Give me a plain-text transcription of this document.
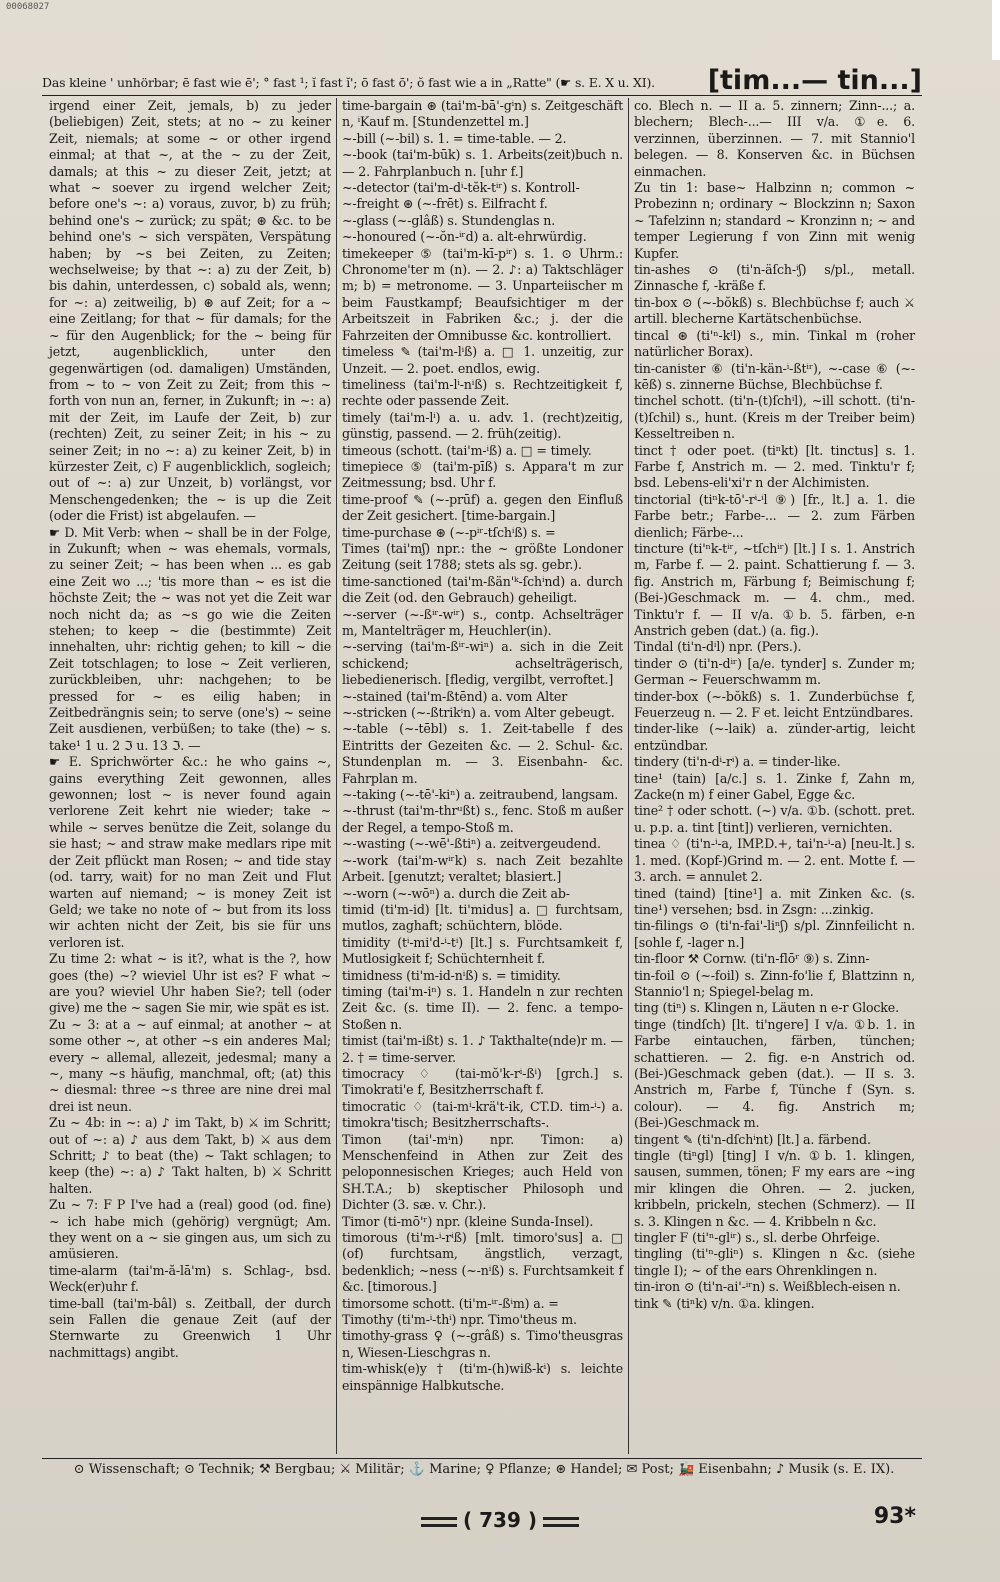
00068027
Das kleine ' unhörbar; ē fast wie ē'; ° fast ¹; ĭ fast ĭ'; ō fast ō'; ŏ fast wie a in „Ratte" (☛ s. E. X u. XI). [tim...— tin...]

irgend einer Zeit, jemals, b) zu jeder (beliebigen) Zeit, stets; at no ~ zu keiner Zeit, niemals; at some ~ or other irgend einmal; at that ~, at the ~ zu der Zeit, damals; at this ~ zu dieser Zeit, jetzt; at what ~ soever zu irgend welcher Zeit; before one's ~: a) voraus, zuvor, b) zu früh; behind one's ~ zurück; zu spät; ⊛ &c. to be behind one's ~ sich verspäten, Verspätung haben; by ~s bei Zeiten, zu Zeiten; wechselweise; by that ~: a) zu der Zeit, b) bis dahin, unterdessen, c) sobald als, wenn; for ~: a) zeitweilig, b) ⊛ auf Zeit; for a ~ eine Zeitlang; for that ~ für damals; for the ~ für den Augenblick; for the ~ being für jetzt, augenblicklich, unter den gegenwärtigen (od. damaligen) Umständen, from ~ to ~ von Zeit zu Zeit; from this ~ forth von nun an, ferner, in Zukunft; in ~: a) mit der Zeit, im Laufe der Zeit, b) zur (rechten) Zeit, zu seiner Zeit; in his ~ zu seiner Zeit; in no ~: a) zu keiner Zeit, b) in kürzester Zeit, c) F augenblicklich, sogleich; out of ~: a) zur Unzeit, b) vorlängst, vor Menschengedenken; the ~ is up die Zeit (oder die Frist) ist abgelaufen. —

☛ D. Mit Verb: when ~ shall be in der Folge, in Zukunft; when ~ was ehemals, vormals, zu seiner Zeit; ~ has been when ... es gab eine Zeit wo ...; 'tis more than ~ es ist die höchste Zeit; the ~ was not yet die Zeit war noch nicht da; as ~s go wie die Zeiten stehen; to keep ~ die (bestimmte) Zeit innehalten, uhr: richtig gehen; to kill ~ die Zeit totschlagen; to lose ~ Zeit verlieren, zurückbleiben, uhr: nachgehen; to be pressed for ~ es eilig haben; in Zeitbedrängnis sein; to serve (one's) ~ seine Zeit ausdienen, verbüßen; to take (the) ~ s. take¹ 1 u. 2 ℑ u. 13 ℑ. —

☛ E. Sprichwörter &c.: he who gains ~, gains everything Zeit gewonnen, alles gewonnen; lost ~ is never found again verlorene Zeit kehrt nie wieder; take ~ while ~ serves benütze die Zeit, solange du sie hast; ~ and straw make medlars ripe mit der Zeit pflückt man Rosen; ~ and tide stay (od. tarry, wait) for no man Zeit und Flut warten auf niemand; ~ is money Zeit ist Geld; we take no note of ~ but from its loss wir achten nicht der Zeit, bis sie für uns verloren ist.

Zu time 2: what ~ is it?, what is the ?, how goes (the) ~? wieviel Uhr ist es? F what ~ are you? wieviel Uhr haben Sie?; tell (oder give) me the ~ sagen Sie mir, wie spät es ist.

Zu ~ 3: at a ~ auf einmal; at another ~ at some other ~, at other ~s ein anderes Mal; every ~ allemal, allezeit, jedesmal; many a ~, many ~s häufig, manchmal, oft; (at) this ~ diesmal: three ~s three are nine drei mal drei ist neun.

Zu ~ 4b: in ~: a) ♪ im Takt, b) ⚔ im Schritt; out of ~: a) ♪ aus dem Takt, b) ⚔ aus dem Schritt; ♪ to beat (the) ~ Takt schlagen; to keep (the) ~: a) ♪ Takt halten, b) ⚔ Schritt halten.

Zu ~ 7: F P I've had a (real) good (od. fine) ~ ich habe mich (gehörig) vergnügt; Am. they went on a ~ sie gingen aus, um sich zu amüsieren.

time-alarm (tai'm-ă-lā'm) s. Schlag-, bsd. Weck(er)uhr f.

time-ball (tai'm-bâl) s. Zeitball, der durch sein Fallen die genaue Zeit (auf der Sternwarte zu Greenwich 1 Uhr nachmittags) angibt.

time-bargain ⊛ (tai'm-bā'-gⁱn) s. Zeitgeschäft n, ⁱKauf m. [Stundenzettel m.]

~-bill (~-bil) s. 1. = time-table. — 2.

~-book (tai'm-būk) s. 1. Arbeits(zeit)buch n. — 2. Fahrplanbuch n. [uhr f.]

~-detector (tai'm-dⁱ-tĕk-tⁱʳ) s. Kontroll-

~-freight ⊛ (~-frēt) s. Eilfracht f.

~-glass (~-glâß) s. Stundenglas n.

~-honoured (~-ŏn-ⁱʳd) a. alt-ehrwürdig.

timekeeper ⑤ (tai'm-kī-pⁱʳ) s. 1. ⊙ Uhrm.: Chronome'ter m (n). — 2. ♪: a) Taktschläger m; b) = metronome. — 3. Unparteiischer m beim Faustkampf; Beaufsichtiger m der Arbeitszeit in Fabriken &c.; j. der die Fahrzeiten der Omnibusse &c. kontrolliert.

timeless ✎ (tai'm-lⁱß) a. □ 1. unzeitig, zur Unzeit. — 2. poet. endlos, ewig.

timeliness (tai'm-lⁱ-nⁱß) s. Rechtzeitigkeit f, rechte oder passende Zeit.

timely (tai'm-lⁱ) a. u. adv. 1. (recht)zeitig, günstig, passend. — 2. früh(zeitig).

timeous (schott. (tai'm-ⁱß) a. □ = timely.

timepiece ⑤ (tai'm-pīß) s. Appara't m zur Zeitmessung; bsd. Uhr f.

time-proof ✎ (~-prūf) a. gegen den Einfluß der Zeit gesichert. [time-bargain.]

time-purchase ⊛ (~-pⁱʳ-tſchⁱß) s. =

Times (tai'mʃ) npr.: the ~ größte Londoner Zeitung (seit 1788; stets als sg. gebr.).

time-sanctioned (tai'm-ßän'ᵏ-ſchⁱnd) a. durch die Zeit (od. den Gebrauch) geheiligt.

~-server (~-ßⁱʳ-wⁱʳ) s., contp. Achselträger m, Mantelträger m, Heuchler(in).

~-serving (tai'm-ßⁱʳ-wiⁿ) a. sich in die Zeit schickend; achselträgerisch, liebedienerisch. [fledig, vergilbt, verroftet.]

~-stained (tai'm-ßtēnd) a. vom Alter

~-stricken (~-ßtrikⁱn) a. vom Alter gebeugt.

~-table (~-tēbl) s. 1. Zeit-tabelle f des Eintritts der Gezeiten &c. — 2. Schul- &c. Stundenplan m. — 3. Eisenbahn- &c. Fahrplan m.

~-taking (~-tē'-kiⁿ) a. zeitraubend, langsam.

~-thrust (tai'm-thrᵘßt) s., fenc. Stoß m außer der Regel, a tempo-Stoß m.

~-wasting (~-wē'-ßtiⁿ) a. zeitvergeudend.

~-work (tai'm-wⁱʳk) s. nach Zeit bezahlte Arbeit. [genutzt; veraltet; blasiert.]

~-worn (~-wōⁿ) a. durch die Zeit ab-

timid (ti'm-id) [lt. ti'midus] a. □ furchtsam, mutlos, zaghaft; schüchtern, blöde.

timidity (tⁱ-mi'd-ⁱ-tⁱ) [lt.] s. Furchtsamkeit f, Mutlosigkeit f; Schüchternheit f.

timidness (ti'm-id-nⁱß) s. = timidity.

timing (tai'm-iⁿ) s. 1. Handeln n zur rechten Zeit &c. (s. time II). — 2. fenc. a tempo-Stoßen n.

timist (tai'm-ißt) s. 1. ♪ Takthalte(nde)r m. — 2. † = time-server.

timocracy ♢ (tai-mŏ'k-rⁱ-ßⁱ) [grch.] s. Timokrati'e f, Besitzherrschaft f.

timocratic ♢ (tai-mⁱ-krä't-ik, CT.D. tim-ⁱ-) a. timokra'tisch; Besitzherrschafts-.

Timon (tai'-mⁱn) npr. Timon: a) Menschenfeind in Athen zur Zeit des peloponnesischen Krieges; auch Held von SH.T.A.; b) skeptischer Philosoph und Dichter (3. sæ. v. Chr.).

Timor (ti-mō'ʳ) npr. (kleine Sunda-Insel).

timorous (ti'm-ⁱ-rⁱß) [mlt. timoro'sus] a. □ (of) furchtsam, ängstlich, verzagt, bedenklich; ~ness (~-nⁱß) s. Furchtsamkeit f &c. [timorous.]

timorsome schott. (ti'm-ⁱʳ-ßⁱm) a. =

Timothy (ti'm-ⁱ-thⁱ) npr. Timo'theus m.

timothy-grass ♀ (~-grâß) s. Timo'theusgras n, Wiesen-Lieschgras n.

tim-whisk(e)y † (ti'm-(h)wiß-kⁱ) s. leichte einspännige Halbkutsche.

co. Blech n. — II a. 5. zinnern; Zinn-...; a. blechern; Blech-...— III v/a. ①e. 6. verzinnen, überzinnen. — 7. mit Stannio'l belegen. — 8. Konserven &c. in Büchsen einmachen.

Zu tin 1: base~ Halbzinn n; common ~ Probezinn n; ordinary ~ Blockzinn n; Saxon ~ Tafelzinn n; standard ~ Kronzinn n; ~ and temper Legierung f von Zinn mit wenig Kupfer.

tin-ashes ⊙ (ti'n-äſch-ⁱʃ) s/pl., metall. Zinnasche f, -kräße f.

tin-box ⊙ (~-bŏkß) s. Blechbüchse f; auch ⚔ artill. blecherne Kartätschenbüchse.

tincal ⊛ (ti'ⁿ-kⁱl) s., min. Tinkal m (roher natürlicher Borax).

tin-canister ⑥ (ti'n-kän-ⁱ-ßtⁱʳ), ~-case ⑥ (~-kēß) s. zinnerne Büchse, Blechbüchse f.

tinchel schott. (ti'n-(t)ſchⁱl), ~ill schott. (ti'n-(t)ſchil) s., hunt. (Kreis m der Treiber beim) Kesseltreiben n.

tinct † oder poet. (tiⁿkt) [lt. tinctus] s. 1. Farbe f, Anstrich m. — 2. med. Tinktu'r f; bsd. Lebens-eli'xi'r n der Alchimisten.

tinctorial (tiⁿk-tō'-rⁱ-ⁱl ⑨) [fr., lt.] a. 1. die Farbe betr.; Farbe-... — 2. zum Färben dienlich; Färbe-...

tincture (ti'ⁿk-tⁱʳ, ~tſchⁱʳ) [lt.] I s. 1. Anstrich m, Farbe f. — 2. paint. Schattierung f. — 3. fig. Anstrich m, Färbung f; Beimischung f; (Bei-)Geschmack m. — 4. chm., med. Tinktu'r f. — II v/a. ①b. 5. färben, e-n Anstrich geben (dat.) (a. fig.).

Tindal (ti'n-dⁱl) npr. (Pers.).

tinder ⊙ (ti'n-dⁱʳ) [a/e. tynder] s. Zunder m; German ~ Feuerschwamm m.

tinder-box (~-bŏkß) s. 1. Zunderbüchse f, Feuerzeug n. — 2. F et. leicht Entzündbares.

tinder-like (~-laik) a. zünder-artig, leicht entzündbar.

tindery (ti'n-dⁱ-rⁱ) a. = tinder-like.

tine¹ (tain) [a/c.] s. 1. Zinke f, Zahn m, Zacke(n m) f einer Gabel, Egge &c.

tine² † oder schott. (~) v/a. ①b. (schott. pret. u. p.p. a. tint [tint]) verlieren, vernichten.

tinea ♢ (ti'n-ⁱ-a, IMP.D.+, tai'n-ⁱ-a) [neu-lt.] s. 1. med. (Kopf-)Grind m. — 2. ent. Motte f. — 3. arch. = annulet 2.

tined (taind) [tine¹] a. mit Zinken &c. (s. tine¹) versehen; bsd. in Zsgn: ...zinkig.

tin-filings ⊙ (ti'n-fai'-liⁿʃ) s/pl. Zinnfeilicht n. [sohle f, -lager n.]

tin-floor ⚒ Cornw. (ti'n-flōʳ ⑨) s. Zinn-

tin-foil ⊙ (~-foil) s. Zinn-fo'lie f, Blattzinn n, Stannio'l n; Spiegel-belag m.

ting (tiⁿ) s. Klingen n, Läuten n e-r Glocke.

tinge (tindſch) [lt. ti'ngere] I v/a. ①b. 1. in Farbe eintauchen, färben, tünchen; schattieren. — 2. fig. e-n Anstrich od. (Bei-)Geschmack geben (dat.). — II s. 3. Anstrich m, Farbe f, Tünche f (Syn. s. colour). — 4. fig. Anstrich m; (Bei-)Geschmack m.

tingent ✎ (ti'n-dſchⁱnt) [lt.] a. färbend.

tingle (tiⁿgl) [ting] I v/n. ①b. 1. klingen, sausen, summen, tönen; F my ears are ~ing mir klingen die Ohren. — 2. jucken, kribbeln, prickeln, stechen (Schmerz). — II s. 3. Klingen n &c. — 4. Kribbeln n &c.

tingler F (ti'ⁿ-glⁱʳ) s., sl. derbe Ohrfeige.

tingling (ti'ⁿ-gliⁿ) s. Klingen n &c. (siehe tingle I); ~ of the ears Ohrenklingen n.

tin-iron ⊙ (ti'n-ai'-ⁱʳn) s. Weißblech-eisen n.

tink ✎ (tiⁿk) v/n. ①a. klingen.

⊙ Wissenschaft; ⊙ Technik; ⚒ Bergbau; ⚔ Militär; ⚓ Marine; ♀ Pflanze; ⊛ Handel; ✉ Post; 🚂 Eisenbahn; ♪ Musik (s. E. IX).
( 739 )	93*
